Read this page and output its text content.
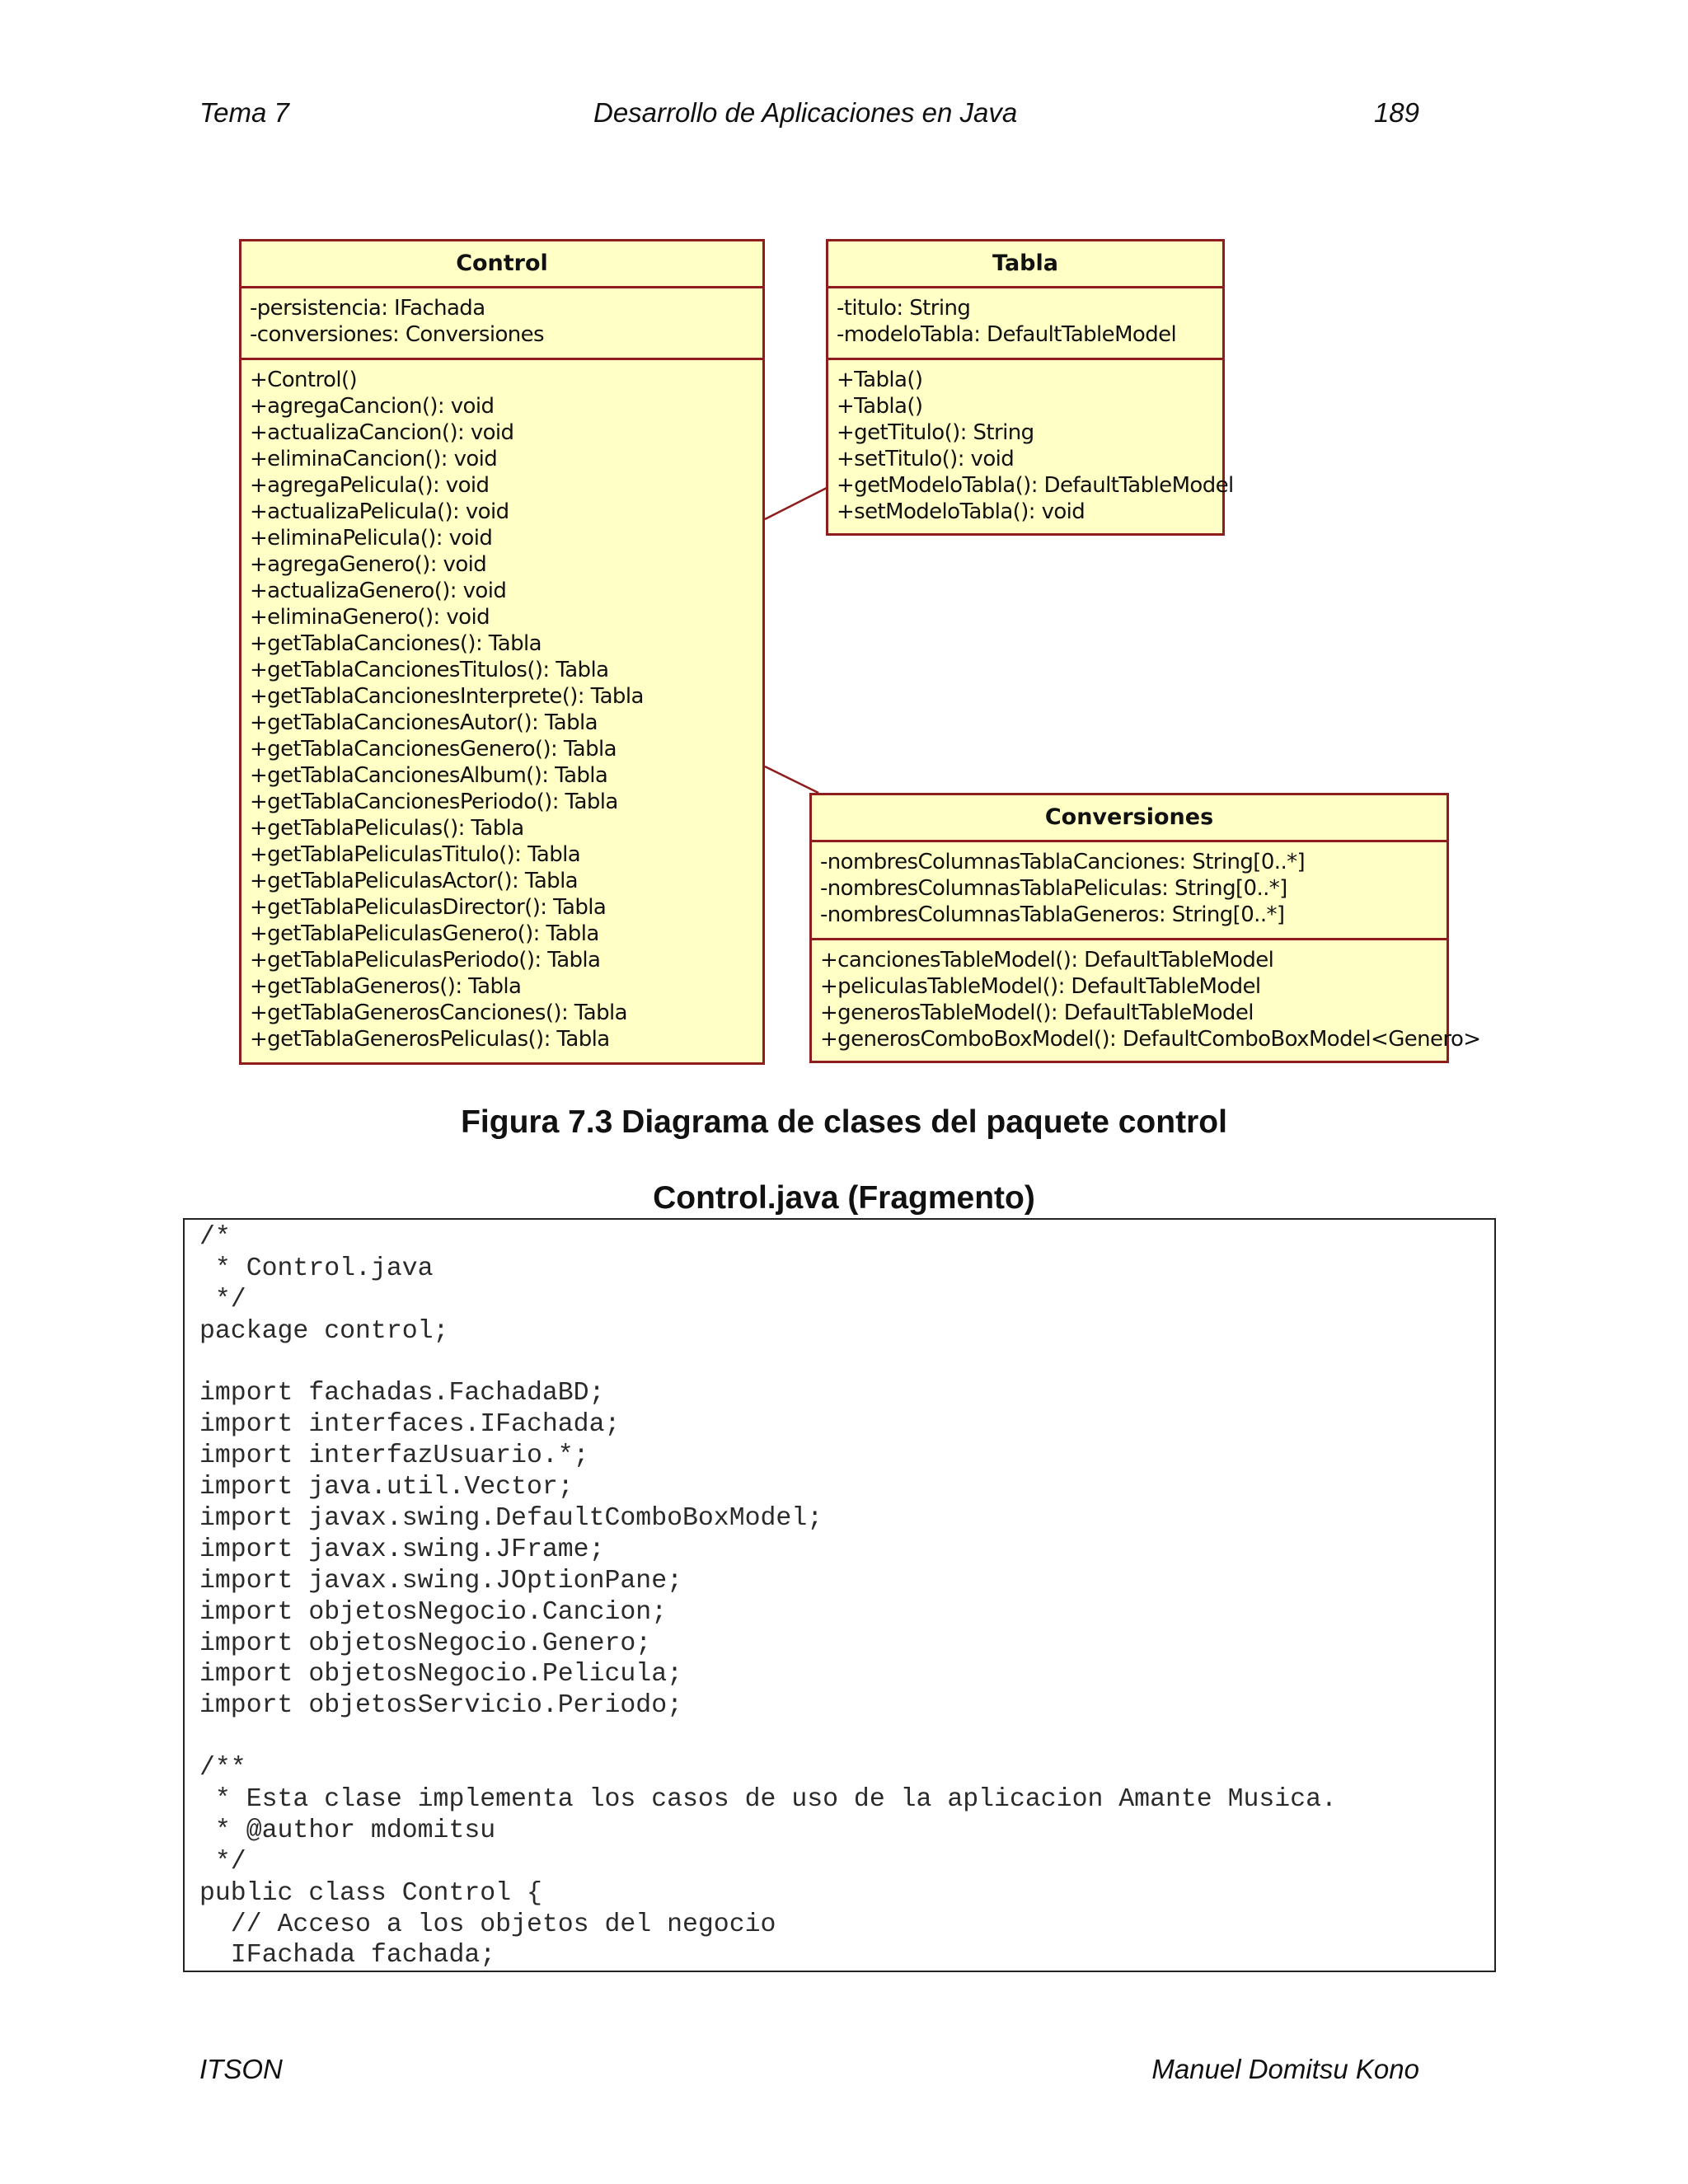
Tema 7	Desarrollo de Aplicaciones en Java	189
Control
-persistencia: IFachada
-conversiones: Conversiones
+Control()
+agregaCancion(): void
+actualizaCancion(): void
+eliminaCancion(): void
+agregaPelicula(): void
+actualizaPelicula(): void
+eliminaPelicula(): void
+agregaGenero(): void
+actualizaGenero(): void
+eliminaGenero(): void
+getTablaCanciones(): Tabla
+getTablaCancionesTitulos(): Tabla
+getTablaCancionesInterprete(): Tabla
+getTablaCancionesAutor(): Tabla
+getTablaCancionesGenero(): Tabla
+getTablaCancionesAlbum(): Tabla
+getTablaCancionesPeriodo(): Tabla
+getTablaPeliculas(): Tabla
+getTablaPeliculasTitulo(): Tabla
+getTablaPeliculasActor(): Tabla
+getTablaPeliculasDirector(): Tabla
+getTablaPeliculasGenero(): Tabla
+getTablaPeliculasPeriodo(): Tabla
+getTablaGeneros(): Tabla
+getTablaGenerosCanciones(): Tabla
+getTablaGenerosPeliculas(): Tabla
Tabla
-titulo: String
-modeloTabla: DefaultTableModel
+Tabla()
+Tabla()
+getTitulo(): String
+setTitulo(): void
+getModeloTabla(): DefaultTableModel
+setModeloTabla(): void
Conversiones
-nombresColumnasTablaCanciones: String[0..*]
-nombresColumnasTablaPeliculas: String[0..*]
-nombresColumnasTablaGeneros: String[0..*]
+cancionesTableModel(): DefaultTableModel
+peliculasTableModel(): DefaultTableModel
+generosTableModel(): DefaultTableModel
+generosComboBoxModel(): DefaultComboBoxModel<Genero>
Figura 7.3 Diagrama de clases del paquete control
Control.java (Fragmento)
/*
* Control.java
*/
package control;
import fachadas.FachadaBD;
import interfaces.IFachada;
import interfazUsuario.*;
import java.util.Vector;
import javax.swing.DefaultComboBoxModel;
import javax.swing.JFrame;
import javax.swing.JOptionPane;
import objetosNegocio.Cancion;
import objetosNegocio.Genero;
import objetosNegocio.Pelicula;
import objetosServicio.Periodo;
/**
* Esta clase implementa los casos de uso de la aplicacion Amante Musica.
* @author mdomitsu
*/
public class Control {
// Acceso a los objetos del negocio
IFachada fachada;
ITSON	Manuel Domitsu Kono
